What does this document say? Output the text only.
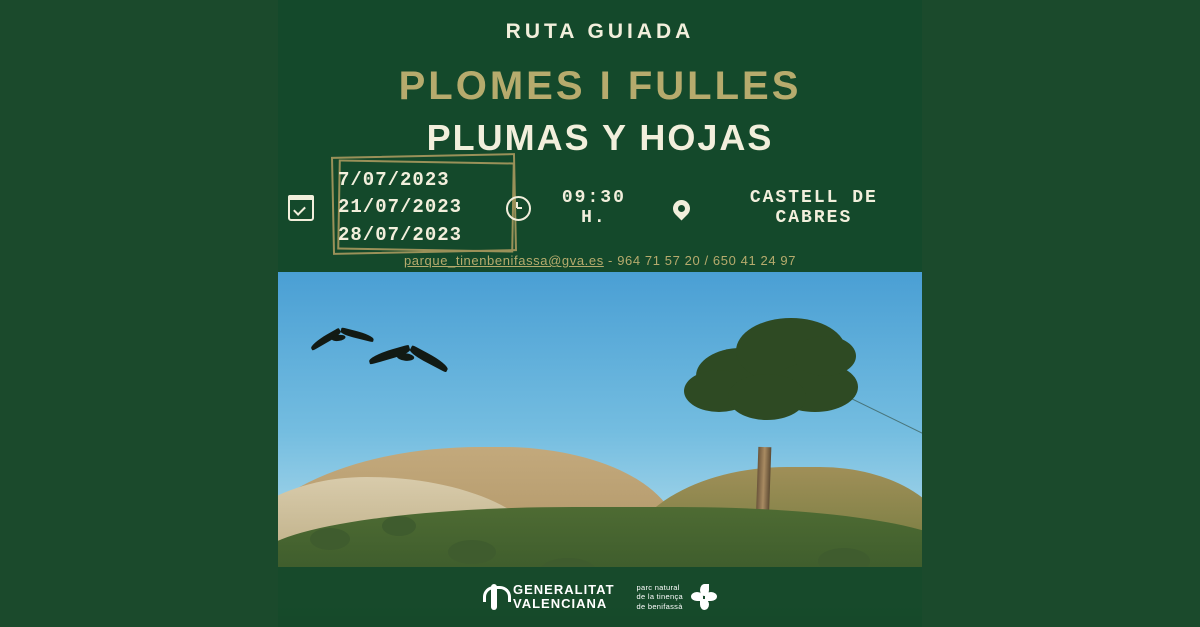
RUTA GUIADA
PLOMES I FULLES
PLUMAS Y HOJAS
7/07/2023
21/07/2023
28/07/2023
09:30 H.
CASTELL DE CABRES
parque_tinenbenifassa@gva.es - 964 71 57 20 / 650 41 24 97
GENERALITAT
VALENCIANA
parc natural
de la tinença
de benifassà
